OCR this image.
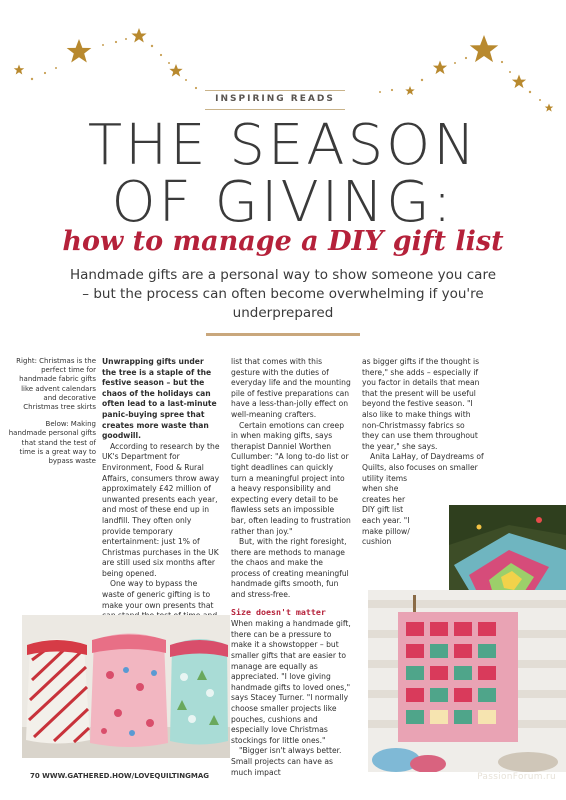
INSPIRING READS
THE SEASON
OF GIVING:
how to manage a DIY gift list
Handmade gifts are a personal way to show someone you care – but the process can often become overwhelming if you're underprepared

Right: Christmas is the perfect time for handmade fabric gifts like advent calendars and decorative Christmas tree skirts

Below: Making handmade personal gifts that stand the test of time is a great way to bypass waste

Unwrapping gifts under the tree is a staple of the festive season – but the chaos of the holidays can often lead to a last-minute panic-buying spree that creates more waste than goodwill.

According to research by the UK's Department for Environment, Food & Rural Affairs, consumers throw away approximately £42 million of unwanted presents each year, and most of these end up in landfill. They often only provide temporary entertainment: just 1% of Christmas purchases in the UK are still used six months after being opened.

One way to bypass the waste of generic gifting is to make your own presents that

list that comes with this gesture with the duties of everyday life and the mounting pile of festive preparations can have a less-than-jolly effect on well-meaning crafters.

Certain emotions can creep in when making gifts, says therapist Danniel Worthen Cullumber: "A long to-do list or tight deadlines can quickly turn a meaningful project into a heavy responsibility and expecting every detail to be flawless sets an impossible bar, often leading to frustration rather than joy."

But, with the right foresight, there are methods to manage the chaos and make the process of creating meaningful handmade gifts smooth, fun and stress-free.

Size doesn't matter

When making a handmade gift, there can be a pressure to make it a showstopper – but smaller gifts that are easier to manage are equally as appreciated. "I love giving handmade gifts to loved ones," says Stacey Turner. "I normally choose smaller projects like pouches, cushions and especially love Christmas stockings for little ones."

"Bigger isn't always better. Small projects can have as much impact

as bigger gifts if the thought is there," she adds – especially if you factor in details that mean that the present will be useful beyond the festive season. "I also like to make things with non-Christmassy fabrics so they can use them throughout the year," she says.

Anita LaHay, of Daydreams of Quilts, also focuses on smaller

utility items when she creates her DIY gift list each year. "I make pillow/ cushion

70 WWW.GATHERED.HOW/LOVEQUILTINGMAG	PassionForum.ru
